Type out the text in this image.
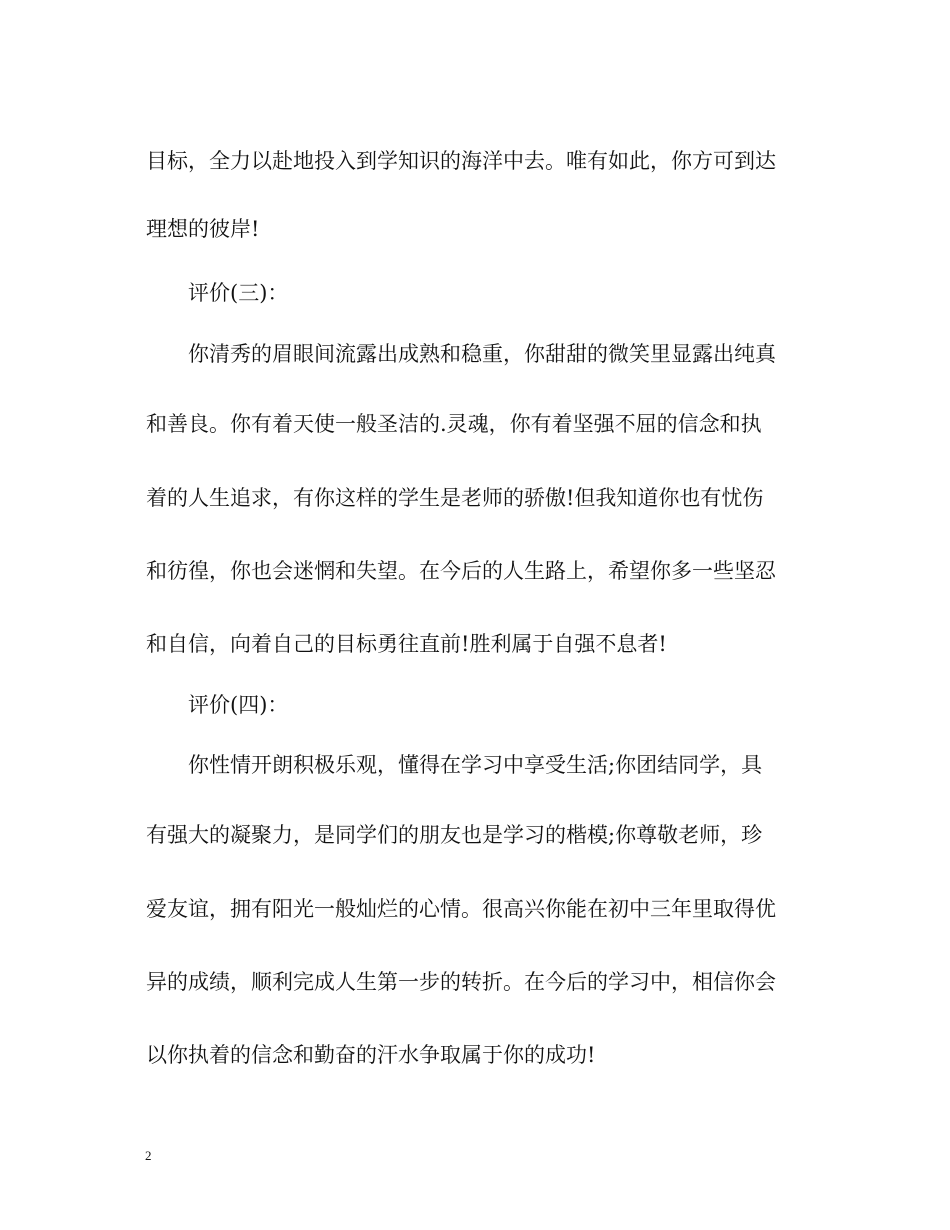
目标，全力以赴地投入到学知识的海洋中去。唯有如此，你方可到达
理想的彼岸!
评价(三)：
你清秀的眉眼间流露出成熟和稳重，你甜甜的微笑里显露出纯真
和善良。你有着天使一般圣洁的.灵魂，你有着坚强不屈的信念和执
着的人生追求，有你这样的学生是老师的骄傲!但我知道你也有忧伤
和彷徨，你也会迷惘和失望。在今后的人生路上，希望你多一些坚忍
和自信，向着自己的目标勇往直前!胜利属于自强不息者!
评价(四)：
你性情开朗积极乐观，懂得在学习中享受生活;你团结同学，具
有强大的凝聚力，是同学们的朋友也是学习的楷模;你尊敬老师，珍
爱友谊，拥有阳光一般灿烂的心情。很高兴你能在初中三年里取得优
异的成绩，顺利完成人生第一步的转折。在今后的学习中，相信你会
以你执着的信念和勤奋的汗水争取属于你的成功!
2
